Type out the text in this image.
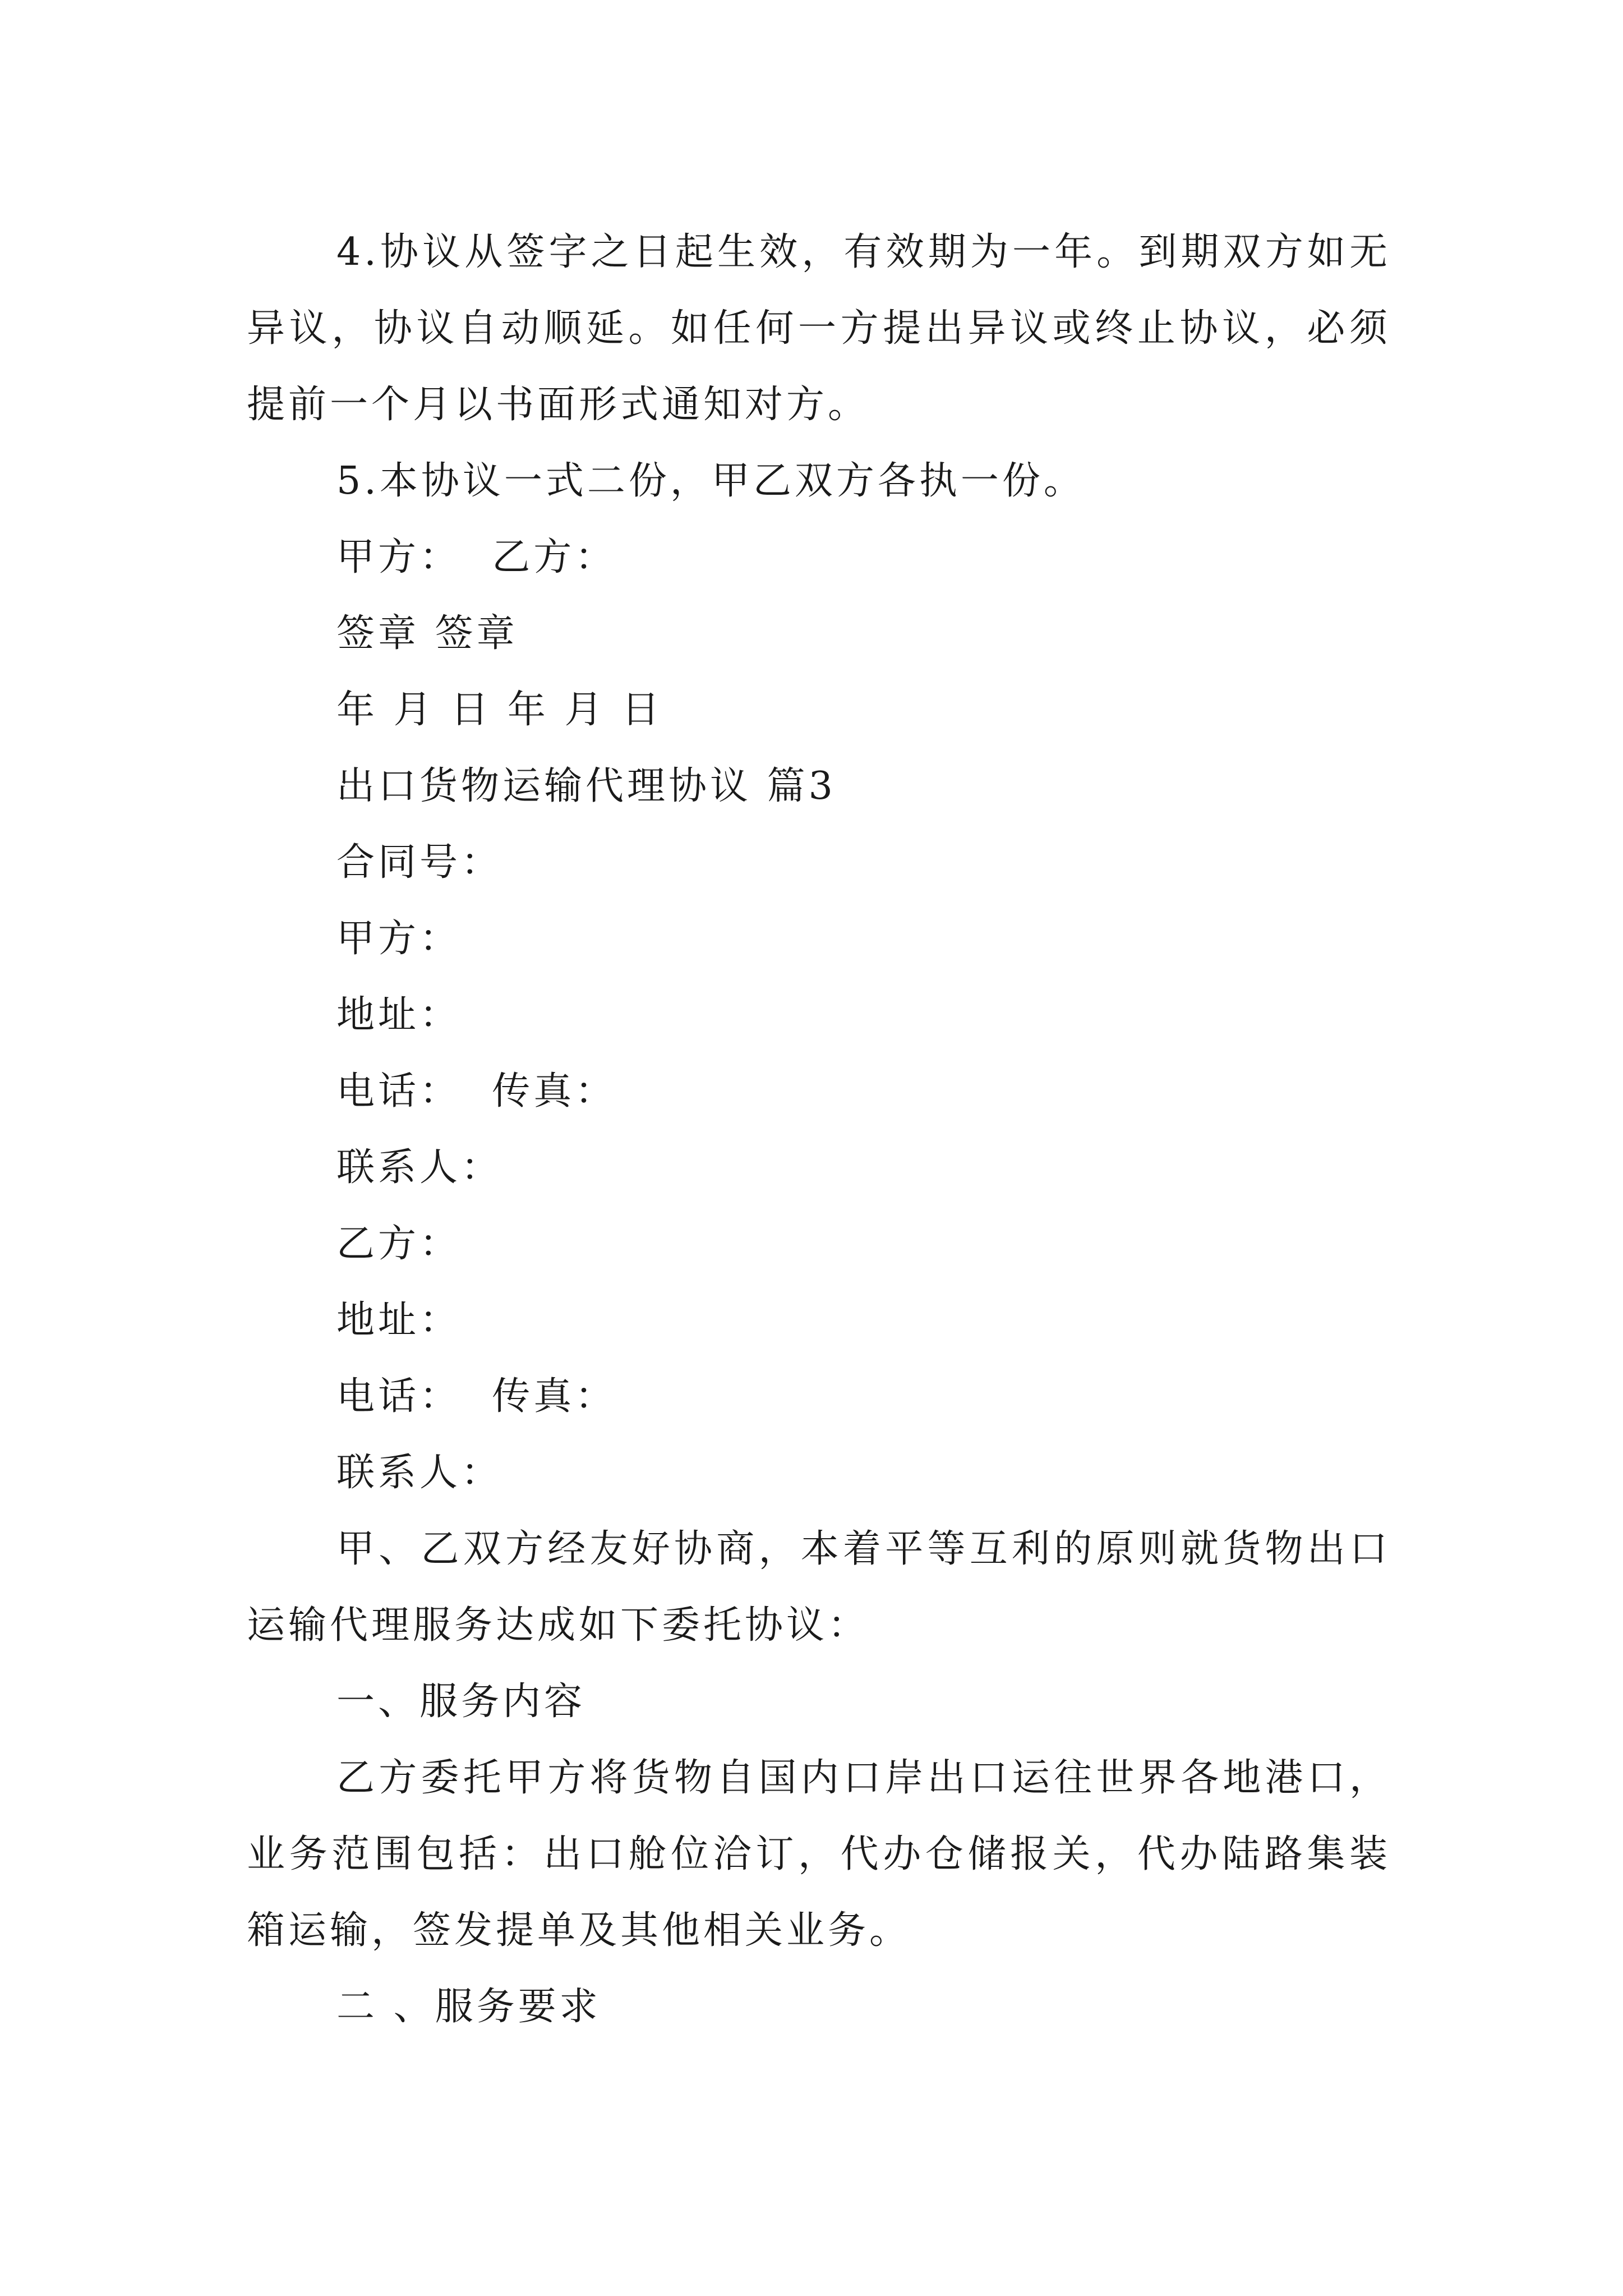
4.协议从签字之日起生效，有效期为一年。到期双方如无异议，协议自动顺延。如任何一方提出异议或终止协议，必须提前一个月以书面形式通知对方。

5.本协议一式二份，甲乙双方各执一份。

甲方：  乙方：

签章 签章

年 月 日 年 月 日

出口货物运输代理协议 篇3

合同号：

甲方：

地址：

电话：  传真：

联系人：

乙方：

地址：

电话：  传真：

联系人：

甲、乙双方经友好协商，本着平等互利的原则就货物出口运输代理服务达成如下委托协议：

一、服务内容

乙方委托甲方将货物自国内口岸出口运往世界各地港口，业务范围包括：出口舱位洽订，代办仓储报关，代办陆路集装箱运输，签发提单及其他相关业务。

二 、服务要求
